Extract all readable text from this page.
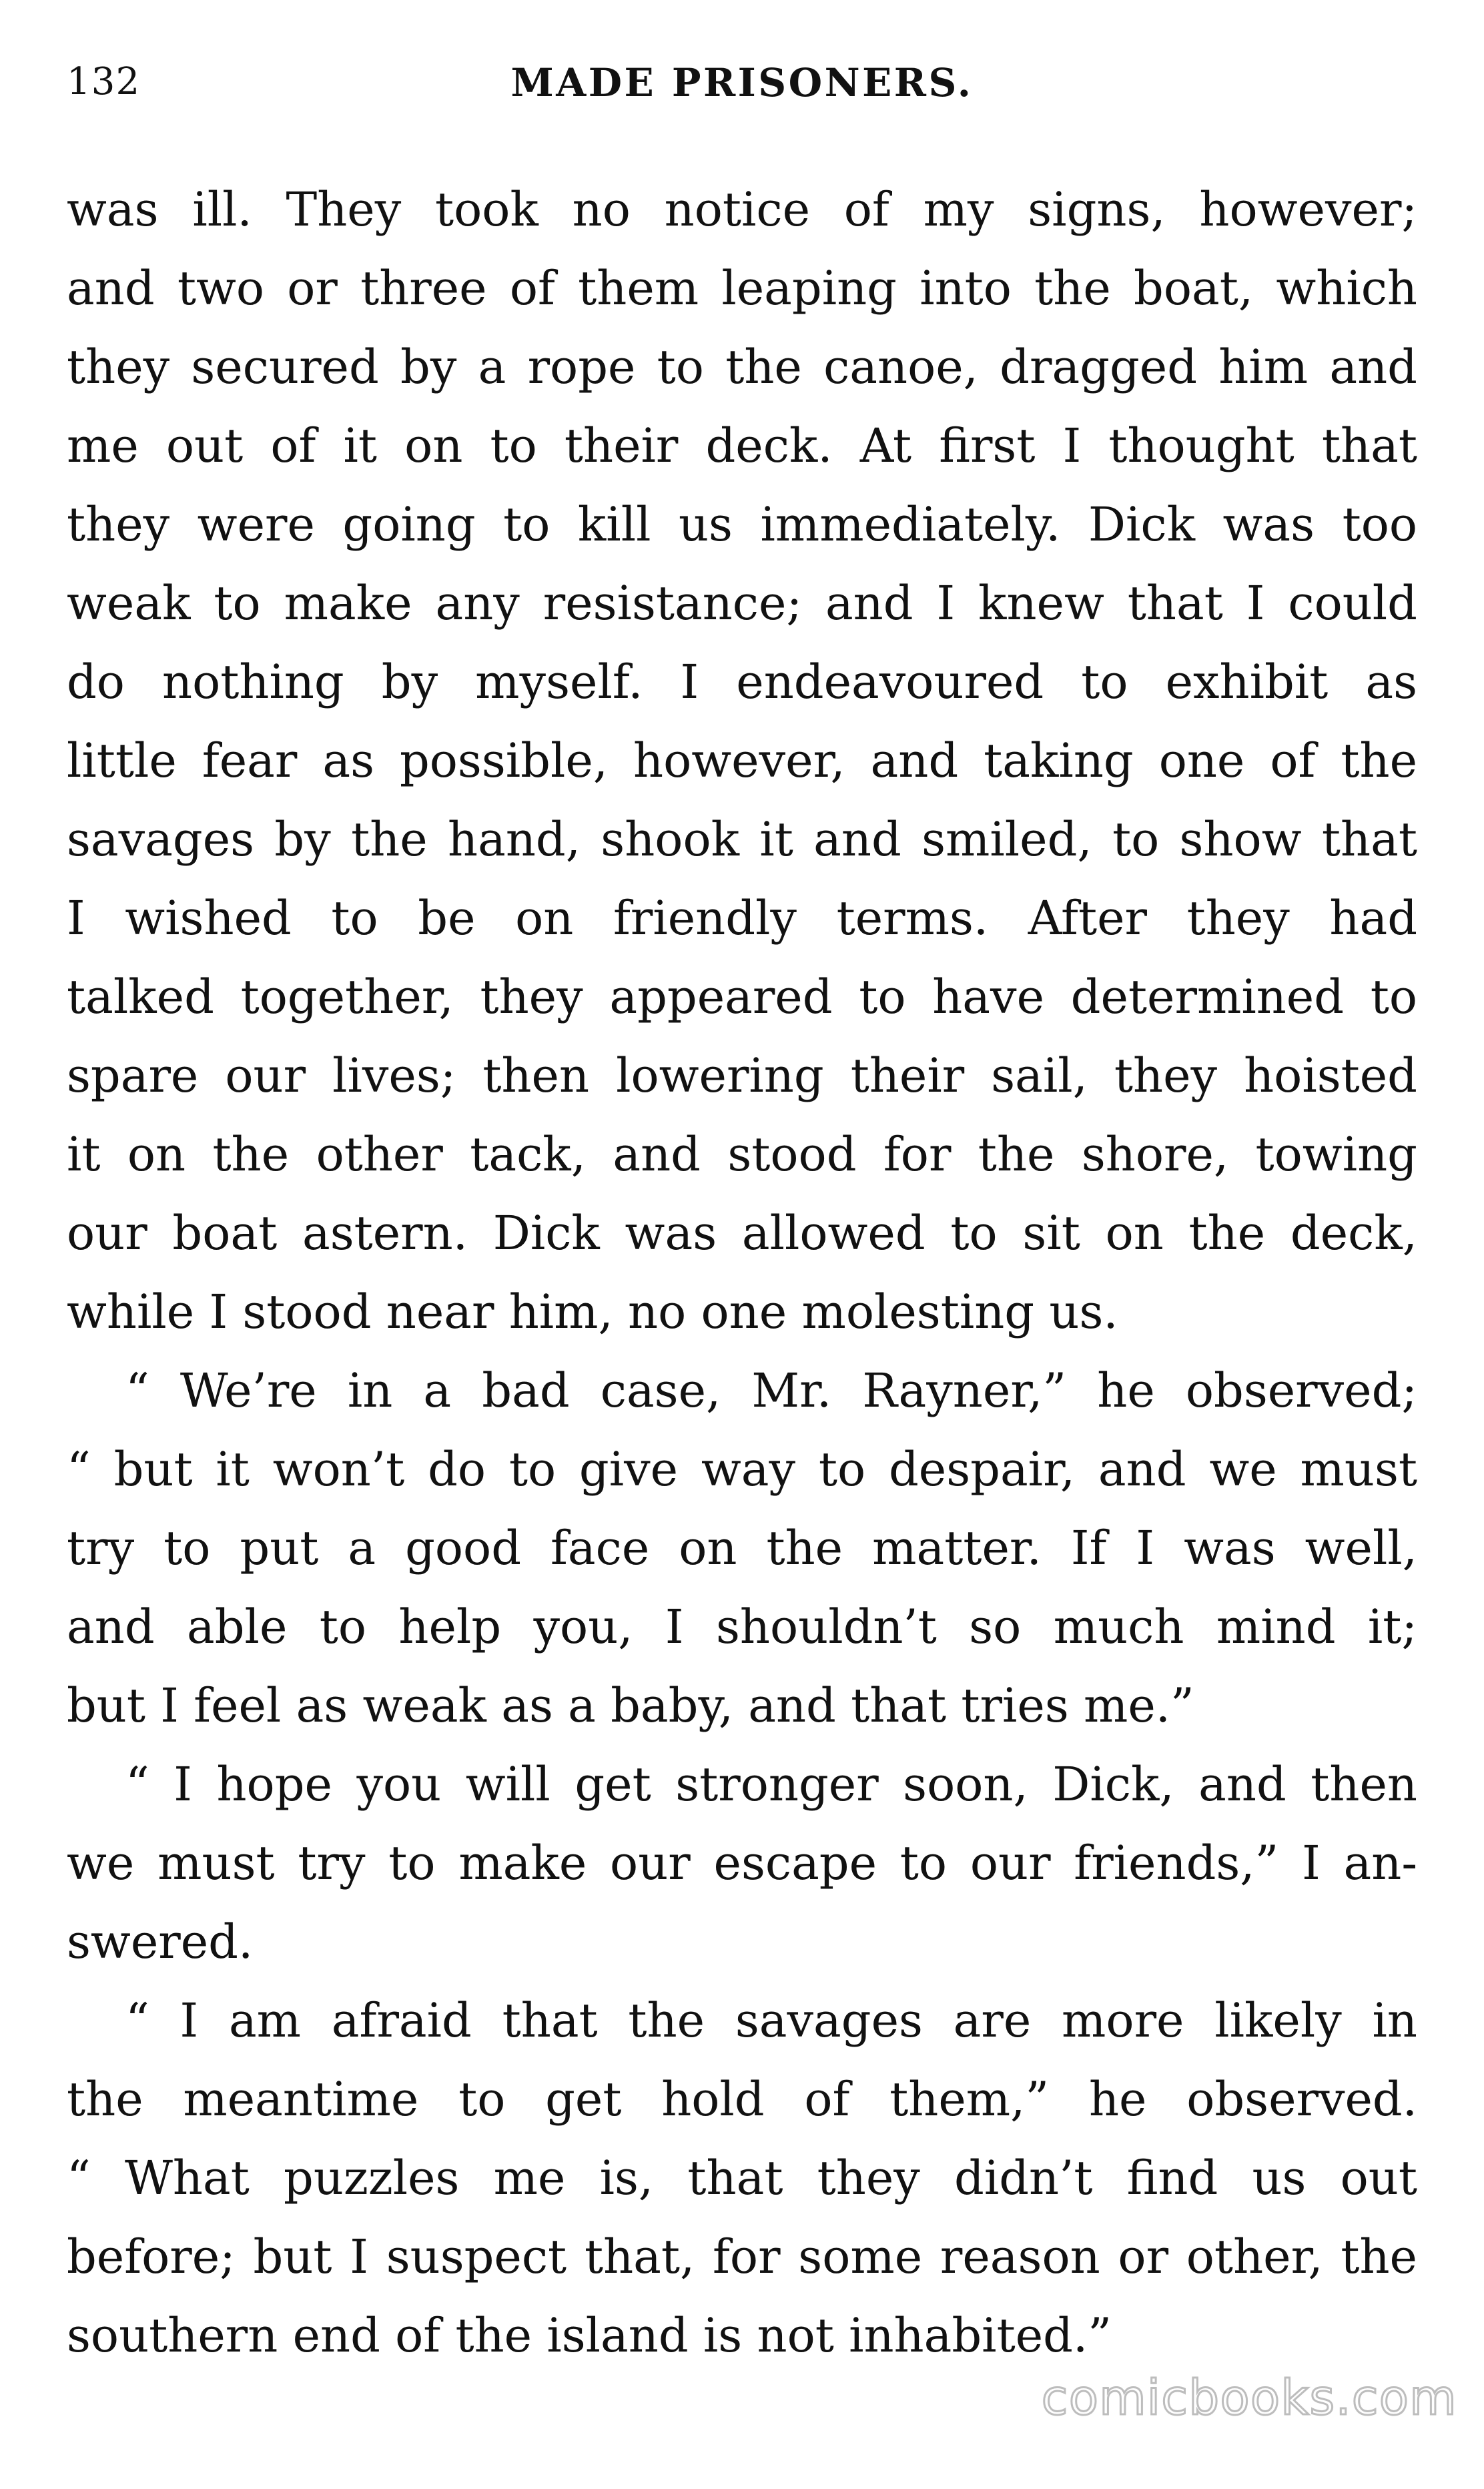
132	MADE PRISONERS.
was ill. They took no notice of my signs, however;
and two or three of them leaping into the boat, which
they secured by a rope to the canoe, dragged him and
me out of it on to their deck. At first I thought that
they were going to kill us immediately. Dick was too
weak to make any resistance; and I knew that I could
do nothing by myself. I endeavoured to exhibit as
little fear as possible, however, and taking one of the
savages by the hand, shook it and smiled, to show that
I wished to be on friendly terms. After they had
talked together, they appeared to have determined to
spare our lives; then lowering their sail, they hoisted
it on the other tack, and stood for the shore, towing
our boat astern. Dick was allowed to sit on the deck,
while I stood near him, no one molesting us.
“ We’re in a bad case, Mr. Rayner,” he observed;
“ but it won’t do to give way to despair, and we must
try to put a good face on the matter. If I was well,
and able to help you, I shouldn’t so much mind it;
but I feel as weak as a baby, and that tries me.”
“ I hope you will get stronger soon, Dick, and then
we must try to make our escape to our friends,” I an-
swered.
“ I am afraid that the savages are more likely in
the meantime to get hold of them,” he observed.
“ What puzzles me is, that they didn’t find us out
before; but I suspect that, for some reason or other, the
southern end of the island is not inhabited.”
comicbooks.com
